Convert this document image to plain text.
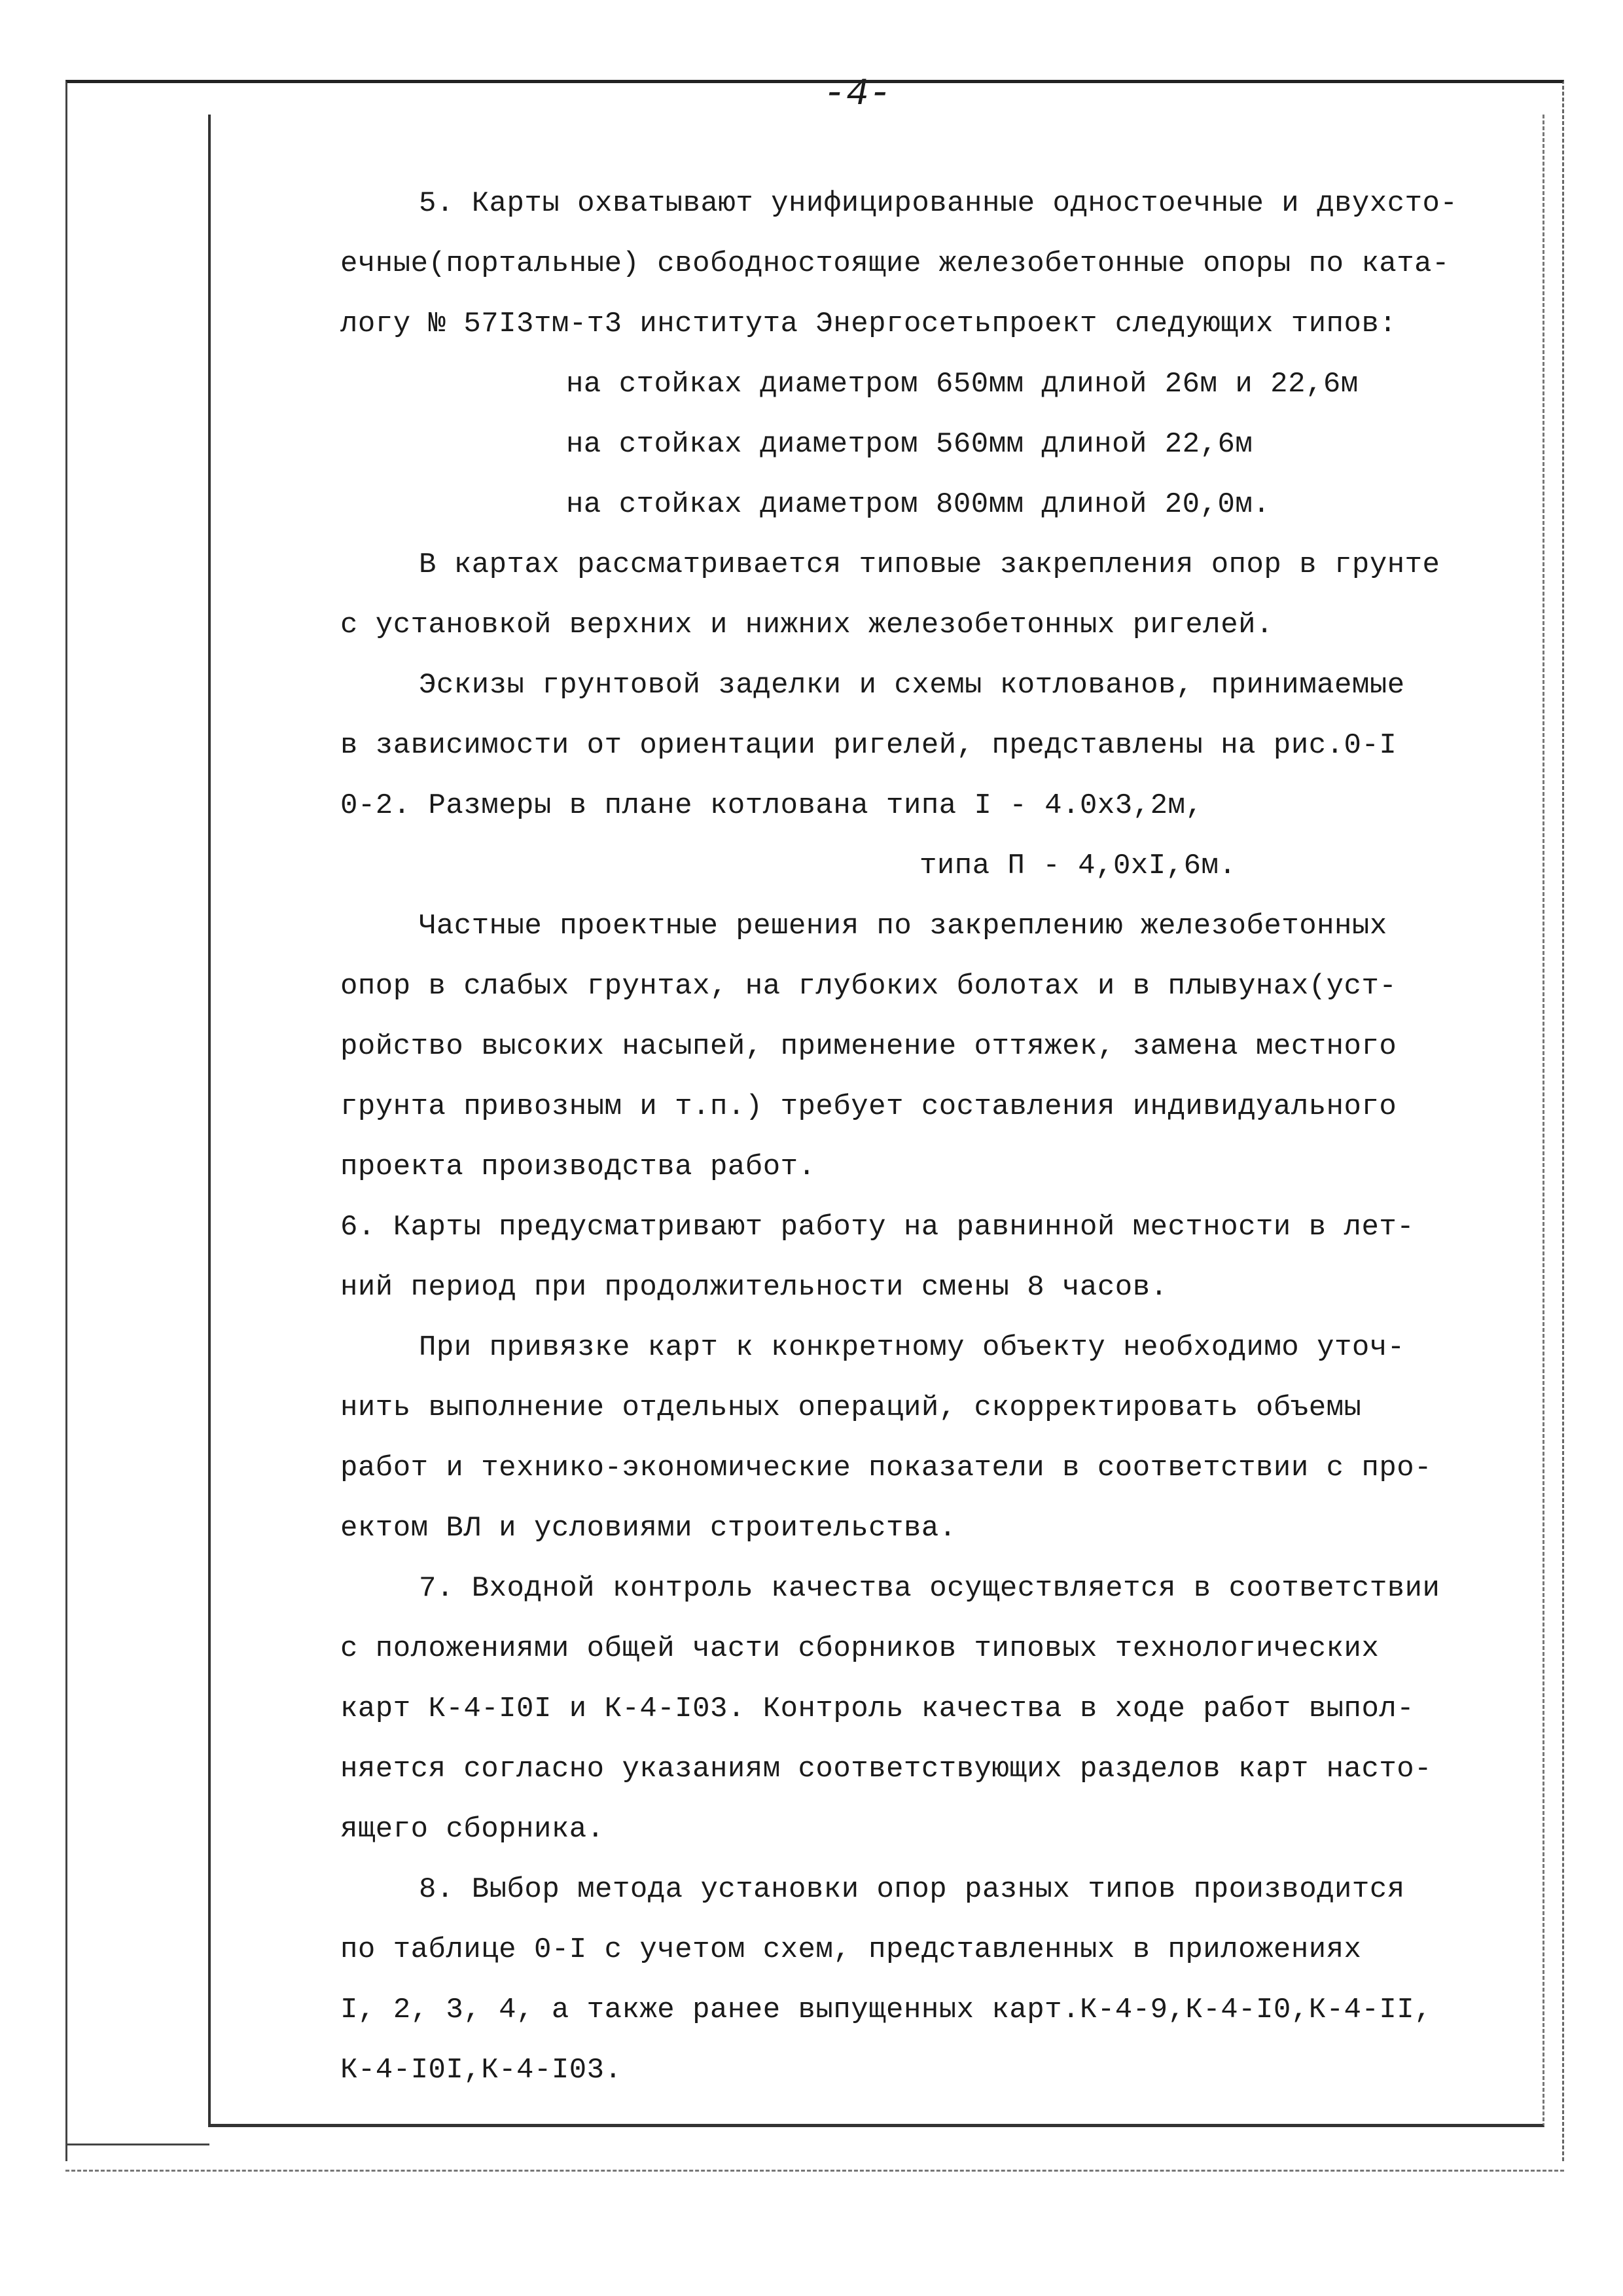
-4-
5. Карты охватывают унифицированные одностоечные и двухсто-
ечные(портальные) свободностоящие железобетонные опоры по ката-
логу № 57I3тм-т3 института Энергосетьпроект следующих типов:
на стойках диаметром 650мм длиной 26м и 22,6м
на стойках диаметром 560мм длиной 22,6м
на стойках диаметром 800мм длиной 20,0м.
В картах рассматривается типовые закрепления опор в грунте
с установкой верхних и нижних железобетонных ригелей.
Эскизы грунтовой заделки и схемы котлованов, принимаемые
в зависимости от ориентации ригелей, представлены на рис.0-I
0-2. Размеры в плане котлована типа I - 4.0х3,2м,
типа П - 4,0хI,6м.
Частные проектные решения по закреплению железобетонных
опор в слабых грунтах, на глубоких болотах и в плывунах(уст-
ройство высоких насыпей, применение оттяжек, замена местного
грунта привозным и т.п.) требует составления индивидуального
проекта производства работ.
6. Карты предусматривают работу на равнинной местности в лет-
ний период при продолжительности смены 8 часов.
При привязке карт к конкретному объекту необходимо уточ-
нить выполнение отдельных операций, скорректировать объемы
работ и технико-экономические показатели в соответствии с про-
ектом ВЛ и условиями строительства.
7. Входной контроль качества осуществляется в соответствии
с положениями общей части сборников типовых технологических
карт К-4-I0I и К-4-I03. Контроль качества в ходе работ выпол-
няется согласно указаниям соответствующих разделов карт насто-
ящего сборника.
8. Выбор метода установки опор разных типов производится
по таблице 0-I с учетом схем, представленных в приложениях
I, 2, 3, 4, а также ранее выпущенных карт.К-4-9,К-4-I0,К-4-II,
К-4-I0I,К-4-I03.
